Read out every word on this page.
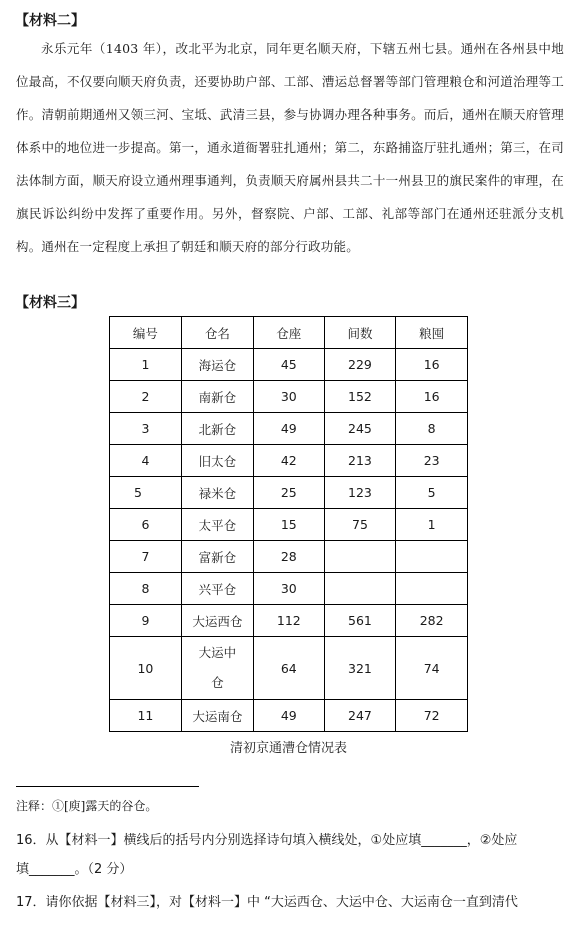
【材料二】
永乐元年（1403 年），改北平为北京，同年更名顺天府，下辖五州七县。通州在各州县中地位最高，不仅要向顺天府负责，还要协助户部、工部、漕运总督署等部门管理粮仓和河道治理等工作。清朝前期通州又领三河、宝坻、武清三县，参与协调办理各种事务。而后，通州在顺天府管理体系中的地位进一步提高。第一，通永道衙署驻扎通州；第二，东路捕盗厅驻扎通州；第三，在司法体制方面，顺天府设立通州理事通判，负责顺天府属州县共二十一州县卫的旗民案件的审理，在旗民诉讼纠纷中发挥了重要作用。另外，督察院、户部、工部、礼部等部门在通州还驻派分支机构。通州在一定程度上承担了朝廷和顺天府的部分行政功能。
【材料三】
编号	仓名	仓座	间数	粮囤
1	海运仓	45	229	16
2	南新仓	30	152	16
3	北新仓	49	245	8
4	旧太仓	42	213	23
5	禄米仓	25	123	5
6	太平仓	15	75	1
7	富新仓	28		
8	兴平仓	30		
9	大运西仓	112	561	282
10	大运中仓	64	321	74
11	大运南仓	49	247	72
清初京通漕仓情况表
注释：①[庾]露天的谷仓。
16．从【材料一】横线后的括号内分别选择诗句填入横线处，①处应填_______，②处应
填_______。（2 分）
17．请你依据【材料三】，对【材料一】中 “大运西仓、大运中仓、大运南仓一直到清代
